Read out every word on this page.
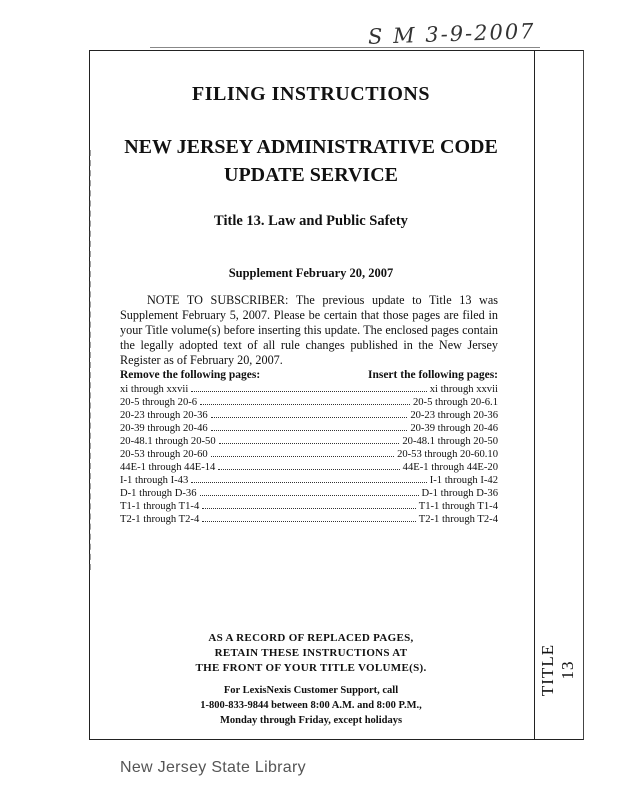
S M 3-9-2007
TITLE 13
FILING INSTRUCTIONS
NEW JERSEY ADMINISTRATIVE CODE
UPDATE SERVICE
Title 13. Law and Public Safety
Supplement February 20, 2007
NOTE TO SUBSCRIBER: The previous update to Title 13 was Supplement February 5, 2007. Please be certain that those pages are filed in your Title volume(s) before inserting this update. The enclosed pages contain the legally adopted text of all rule changes published in the New Jersey Register as of February 20, 2007.
Remove the following pages:	Insert the following pages:
xi through xxvii	xi through xxvii
20-5 through 20-6	20-5 through 20-6.1
20-23 through 20-36	20-23 through 20-36
20-39 through 20-46	20-39 through 20-46
20-48.1 through 20-50	20-48.1 through 20-50
20-53 through 20-60	20-53 through 20-60.10
44E-1 through 44E-14	44E-1 through 44E-20
I-1 through I-43	I-1 through I-42
D-1 through D-36	D-1 through D-36
T1-1 through T1-4	T1-1 through T1-4
T2-1 through T2-4	T2-1 through T2-4
AS A RECORD OF REPLACED PAGES,
RETAIN THESE INSTRUCTIONS AT
THE FRONT OF YOUR TITLE VOLUME(S).
For LexisNexis Customer Support, call
1-800-833-9844 between 8:00 A.M. and 8:00 P.M.,
Monday through Friday, except holidays
New Jersey State Library
